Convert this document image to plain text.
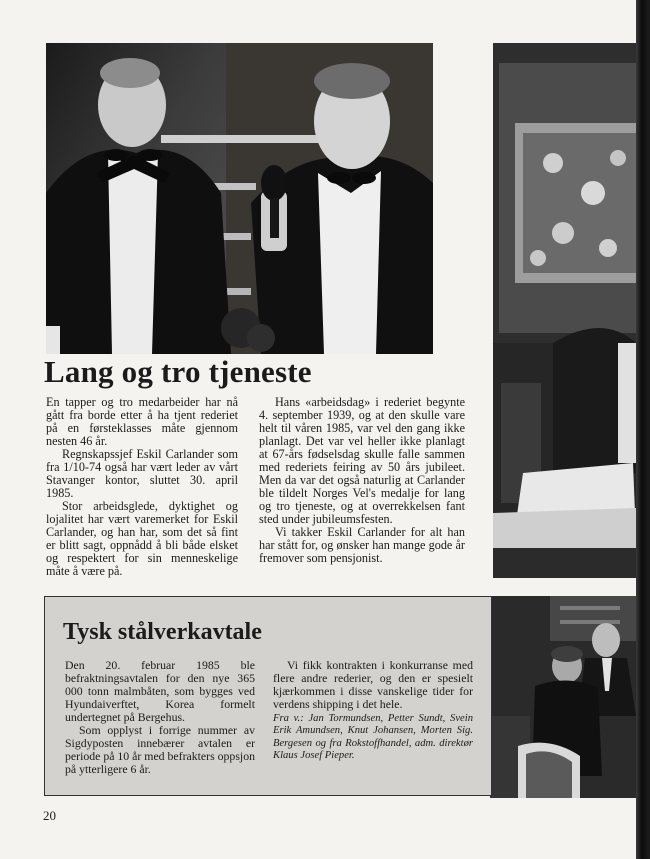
Lang og tro tjeneste

En tapper og tro medarbeider har nå gått fra borde etter å ha tjent rederiet på en førsteklasses måte gjennom nesten 46 år.

Regnskapssjef Eskil Carlander som fra 1/10-74 også har vært leder av vårt Stavanger kontor, sluttet 30. april 1985.

Stor arbeidsglede, dyktighet og lojalitet har vært varemerket for Eskil Carlander, og han har, som det så fint er blitt sagt, oppnådd å bli både elsket og respektert for sin menneskelige måte å være på.

Hans «arbeidsdag» i rederiet begynte 4. september 1939, og at den skulle vare helt til våren 1985, var vel den gang ikke planlagt. Det var vel heller ikke planlagt at 67-års fødselsdag skulle falle sammen med rederiets feiring av 50 års jubileet. Men da var det også naturlig at Carlander ble tildelt Norges Vel's medalje for lang og tro tjeneste, og at overrekkelsen fant sted under jubileumsfesten.

Vi takker Eskil Carlander for alt han har stått for, og ønsker han mange gode år fremover som pensjonist.

Tysk stålverkavtale

Den 20. februar 1985 ble befraktningsavtalen for den nye 365 000 tonn malmbåten, som bygges ved Hyundaiverftet, Korea formelt undertegnet på Bergehus.

Som opplyst i forrige nummer av Sigdyposten innebærer avtalen er periode på 10 år med befrakters oppsjon på ytterligere 6 år.

Vi fikk kontrakten i konkurranse med flere andre rederier, og den er spesielt kjærkommen i disse vanskelige tider for verdens shipping i det hele.

Fra v.: Jan Tormundsen, Petter Sundt, Svein Erik Amundsen, Knut Johansen, Morten Sig. Bergesen og fra Rokstoffhandel, adm. direktør Klaus Josef Pieper.

20
